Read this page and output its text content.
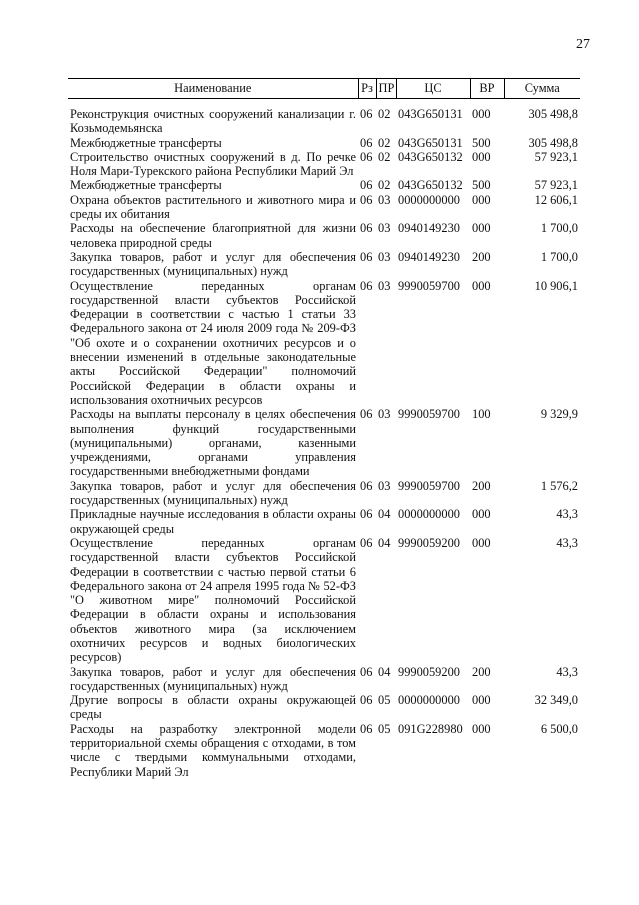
27
Наименование	Рз	ПР	ЦС	ВР	Сумма
Реконструкция очистных сооружений канализации г. Козьмодемьянска	06	02	043G650131	000	305 498,8
Межбюджетные трансферты	06	02	043G650131	500	305 498,8
Строительство очистных сооружений в д. По речке Ноля Мари-Турекского района Республики Марий Эл	06	02	043G650132	000	57 923,1
Межбюджетные трансферты	06	02	043G650132	500	57 923,1
Охрана объектов растительного и животного мира и среды их обитания	06	03	0000000000	000	12 606,1
Расходы на обеспечение благоприятной для жизни человека природной среды	06	03	0940149230	000	1 700,0
Закупка товаров, работ и услуг для обеспечения государственных (муниципальных) нужд	06	03	0940149230	200	1 700,0
Осуществление переданных органам государственной власти субъектов Российской Федерации в соответствии с частью 1 статьи 33 Федерального закона от 24 июля 2009 года № 209-ФЗ "Об охоте и о сохранении охотничих ресурсов и о внесении изменений в отдельные законодательные акты Российской Федерации" полномочий Российской Федерации в области охраны и использования охотничьих ресурсов	06	03	9990059700	000	10 906,1
Расходы на выплаты персоналу в целях обеспечения выполнения функций государственными (муниципальными) органами, казенными учреждениями, органами управления государственными внебюджетными фондами	06	03	9990059700	100	9 329,9
Закупка товаров, работ и услуг для обеспечения государственных (муниципальных) нужд	06	03	9990059700	200	1 576,2
Прикладные научные исследования в области охраны окружающей среды	06	04	0000000000	000	43,3
Осуществление переданных органам государственной власти субъектов Российской Федерации в соответствии с частью первой статьи 6 Федерального закона от 24 апреля 1995 года № 52-ФЗ "О животном мире" полномочий Российской Федерации в области охраны и использования объектов животного мира (за исключением охотничих ресурсов и водных биологических ресурсов)	06	04	9990059200	000	43,3
Закупка товаров, работ и услуг для обеспечения государственных (муниципальных) нужд	06	04	9990059200	200	43,3
Другие вопросы в области охраны окружающей среды	06	05	0000000000	000	32 349,0
Расходы на разработку электронной модели территориальной схемы обращения с отходами, в том числе с твердыми коммунальными отходами, Республики Марий Эл	06	05	091G228980	000	6 500,0
